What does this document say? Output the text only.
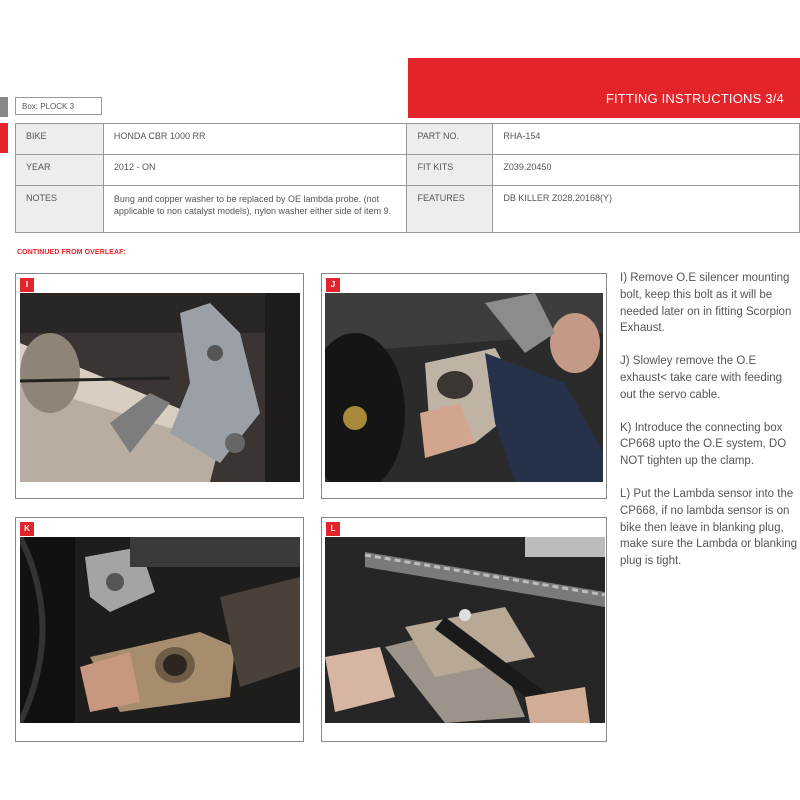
FITTING INSTRUCTIONS 3/4
Box: PLOCK 3
BIKE	HONDA CBR 1000 RR	PART NO.	RHA-154
YEAR	2012 - ON	FIT KITS	Z039.20450
NOTES	Bung and copper washer to be replaced by OE lambda probe. (not applicable to non catalyst models), nylon washer either side of item 9.	FEATURES	DB KILLER Z028.20168(Y)
CONTINUED FROM OVERLEAF:
I	J
K	L

I) Remove O.E silencer mounting bolt, keep this bolt as it will be needed later on in fitting Scorpion Exhaust.

J) Slowley remove the O.E exhaust< take care with feeding out the servo cable.

K) Introduce the connecting box CP668 upto the O.E system, DO NOT tighten up the clamp.

L) Put the Lambda sensor into the CP668, if no lambda sensor is on bike then leave in blanking plug, make sure the Lambda or blanking plug is tight.
